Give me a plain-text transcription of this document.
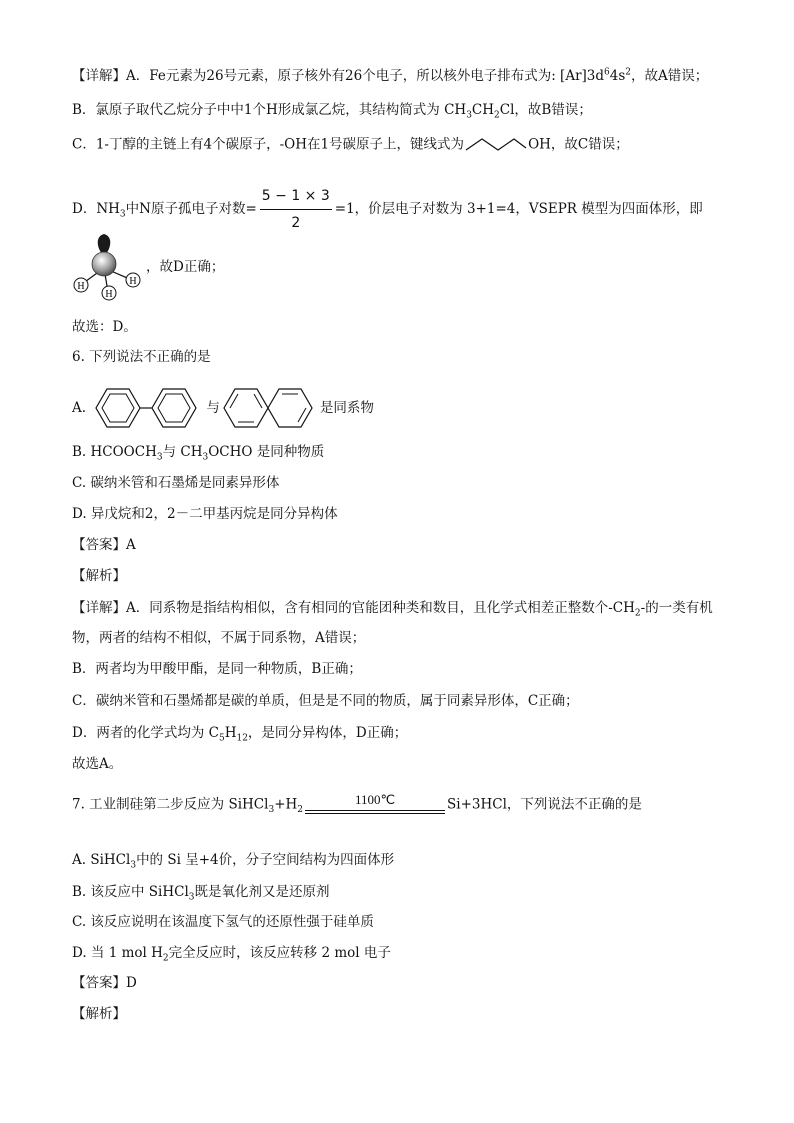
【详解】A．Fe元素为26号元素，原子核外有26个电子，所以核外电子排布式为: $[Ar]3d^64s^2$，故A错误；
B．氯原子取代乙烷分子中中1个H形成氯乙烷，其结构简式为 $CH_3CH_2Cl$，故B错误；
C．1-丁醇的主链上有4个碳原子，-OH在1号碳原子上，键线式为	OH，故C错误；
D．$NH_3$中N原子孤电子对数= $\frac{5 - 1 \times 3}{2} =1$，价层电子对数为 3+1=4，VSEPR 模型为四面体形，即
H
H
H
，故D正确；
故选：D。
6. 下列说法不正确的是
A.	与	是同系物
B. $HCOOCH_3$与 $CH_3OCHO$ 是同种物质
C. 碳纳米管和石墨烯是同素异形体
D. 异戊烷和2，2－二甲基丙烷是同分异构体
【答案】A
【解析】
【详解】A．同系物是指结构相似，含有相同的官能团种类和数目，且化学式相差正整数个$-CH_2-$的一类有机物，两者的结构不相似，不属于同系物，A错误；
B．两者均为甲酸甲酯，是同一种物质，B正确；
C．碳纳米管和石墨烯都是碳的单质，但是是不同的物质，属于同素异形体，C正确；
D．两者的化学式均为 $C_5H_{12}$，是同分异构体，D正确；
故选A。
7. 工业制硅第二步反应为 $SiHCl_3+H_2$
1100℃	Si+3HCl，下列说法不正确的是
A. SiHCl$_3$中的 Si 呈+4价，分子空间结构为四面体形
B. 该反应中 SiHCl$_3$既是氧化剂又是还原剂
C. 该反应说明在该温度下氢气的还原性强于硅单质
D. 当 1 mol $H_2$完全反应时，该反应转移 2 mol 电子
【答案】D
【解析】
